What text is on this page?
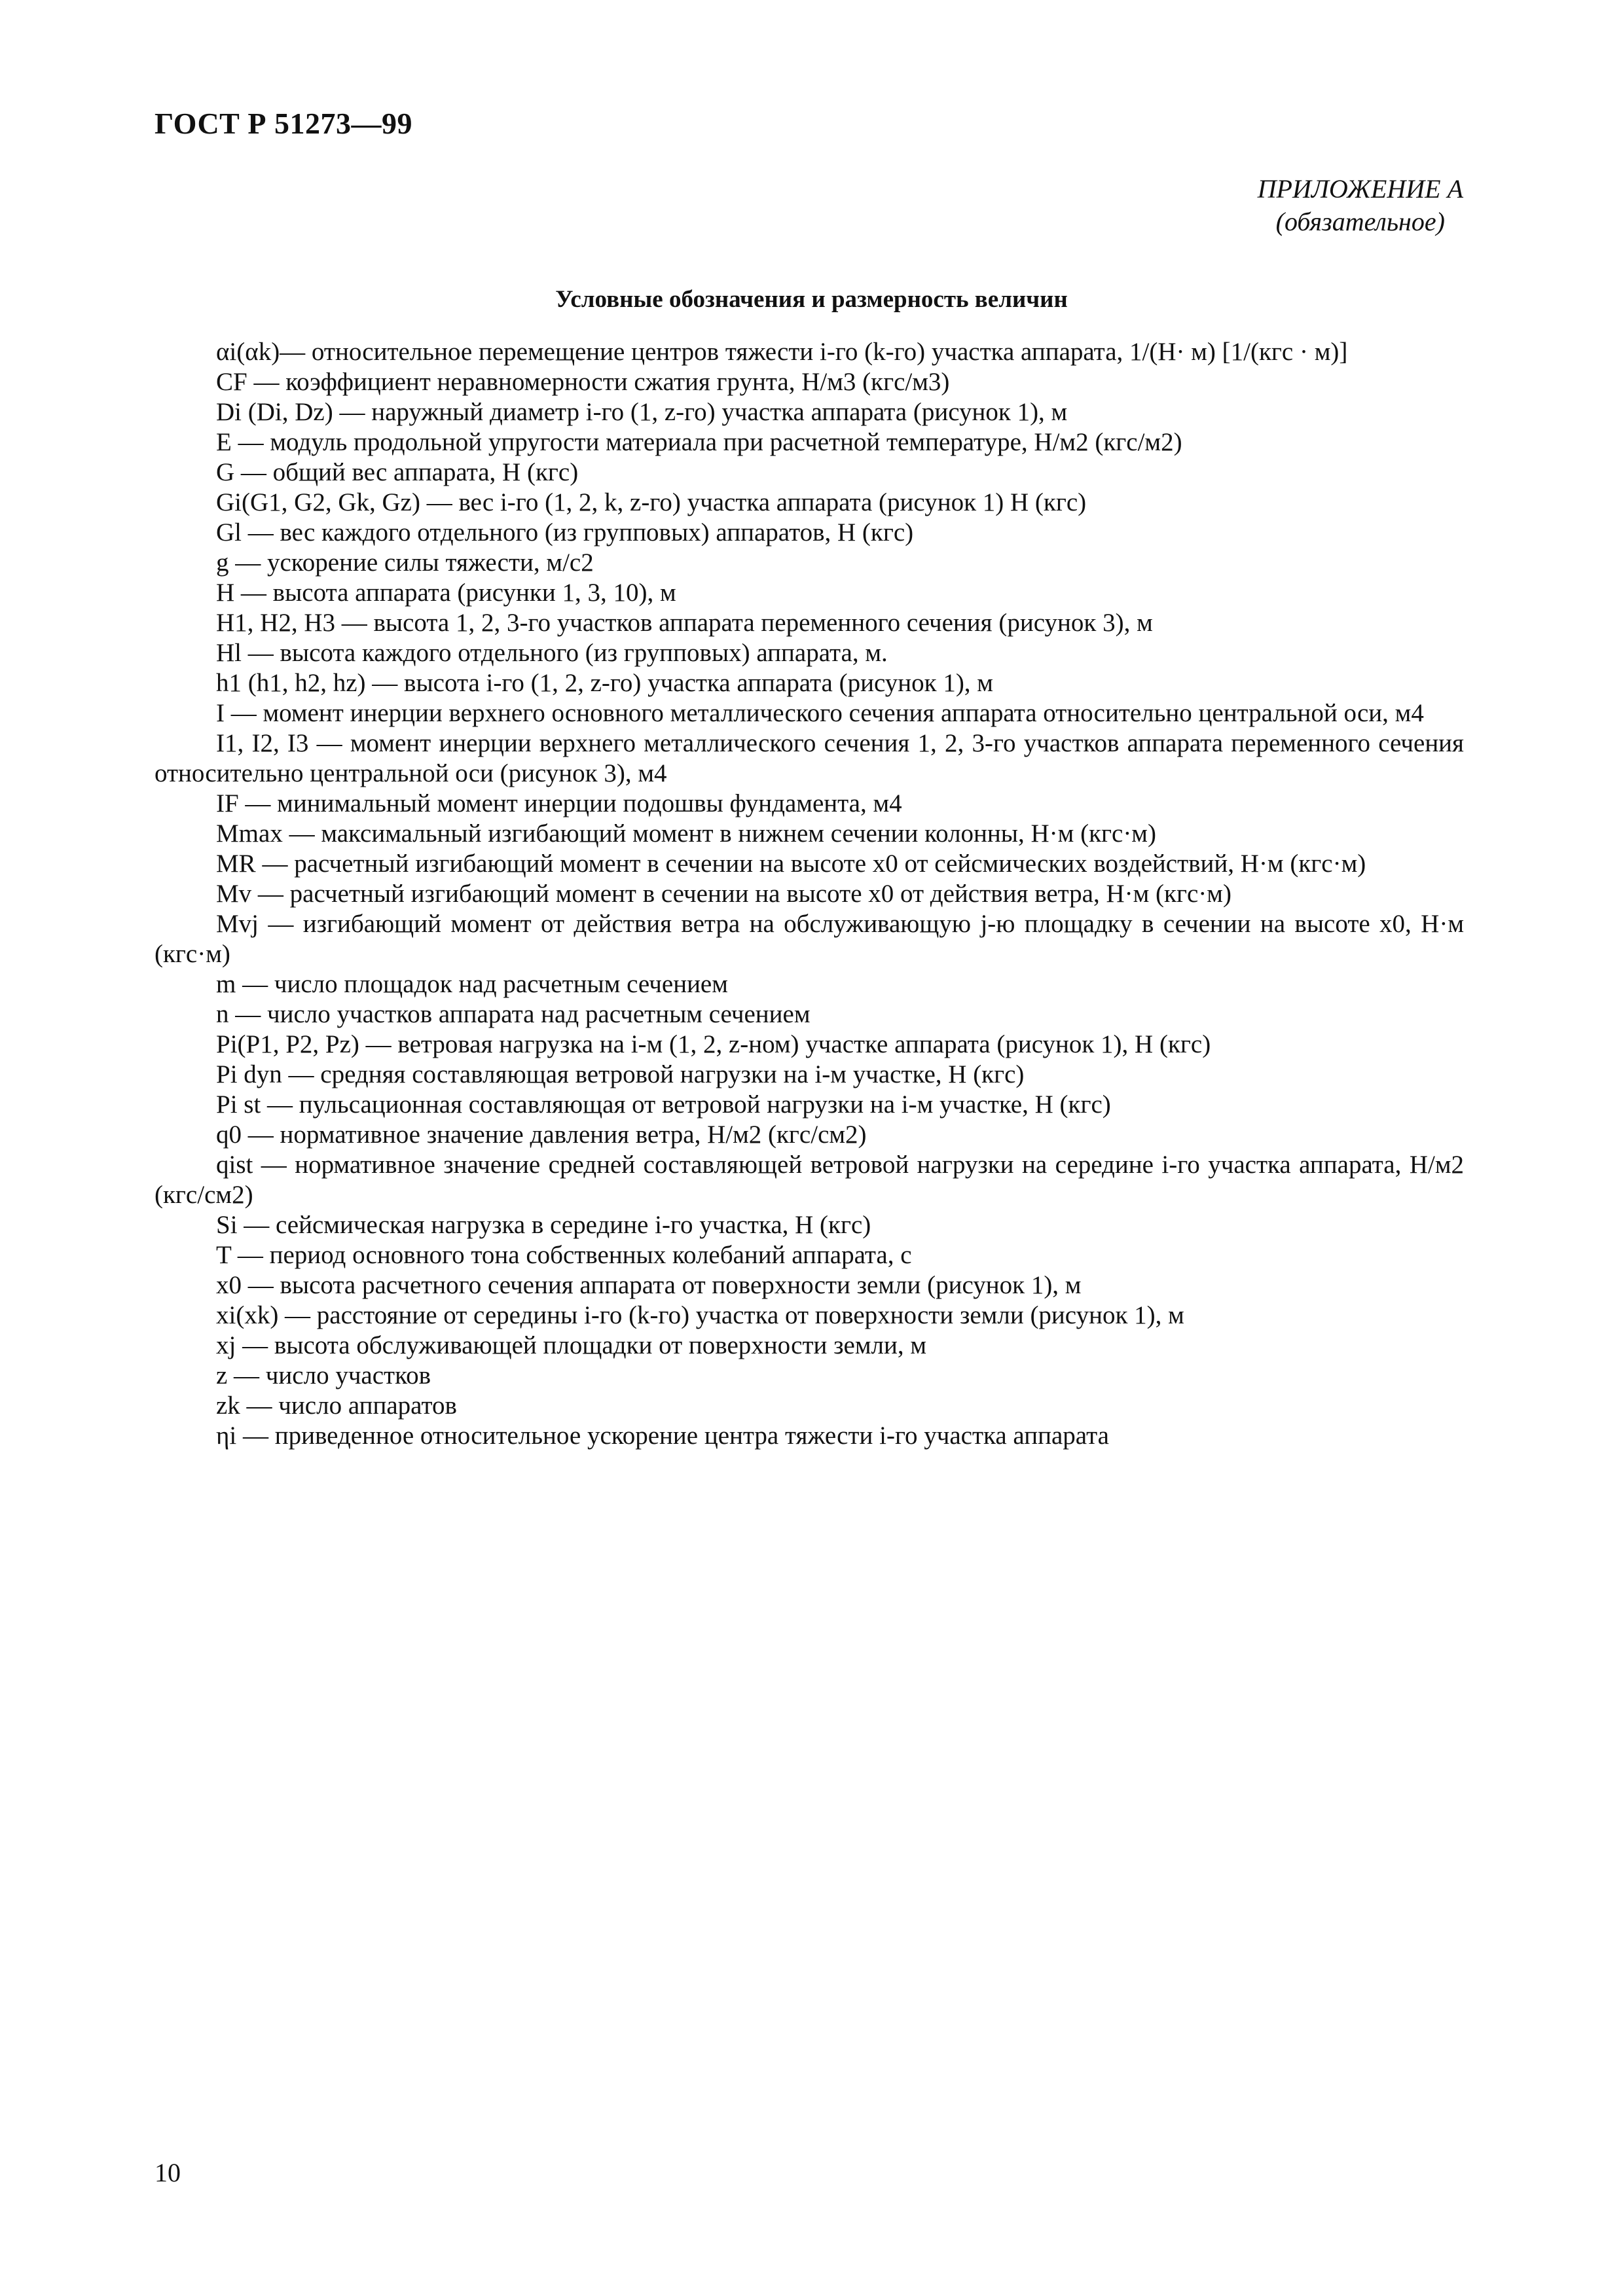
ГОСТ Р 51273—99
ПРИЛОЖЕНИЕ А
(обязательное)
Условные обозначения и размерность величин

αi(αk)— относительное перемещение центров тяжести i-го (k-го) участка аппарата, 1/(Н· м) [1/(кгс · м)]

CF — коэффициент неравномерности сжатия грунта, Н/м3 (кгс/м3)

Di (Di, Dz) — наружный диаметр i-го (1, z-го) участка аппарата (рисунок 1), м

E — модуль продольной упругости материала при расчетной температуре, Н/м2 (кгс/м2)

G — общий вес аппарата, Н (кгс)

Gi(G1, G2, Gk, Gz) — вес i-го (1, 2, k, z-го) участка аппарата (рисунок 1) Н (кгс)

Gl — вес каждого отдельного (из групповых) аппаратов, Н (кгс)

g — ускорение силы тяжести, м/с2

H — высота аппарата (рисунки 1, 3, 10), м

H1, H2, H3 — высота 1, 2, 3-го участков аппарата переменного сечения (рисунок 3), м

Hl — высота каждого отдельного (из групповых) аппарата, м.

h1 (h1, h2, hz) — высота i-го (1, 2, z-го) участка аппарата (рисунок 1), м

I — момент инерции верхнего основного металлического сечения аппарата относительно центральной оси, м4

I1, I2, I3 — момент инерции верхнего металлического сечения 1, 2, 3-го участков аппарата переменного сечения относительно центральной оси (рисунок 3), м4

IF — минимальный момент инерции подошвы фундамента, м4

Mmax — максимальный изгибающий момент в нижнем сечении колонны, Н·м (кгс·м)

MR — расчетный изгибающий момент в сечении на высоте x0 от сейсмических воздействий, Н·м (кгс·м)

Mv — расчетный изгибающий момент в сечении на высоте x0 от действия ветра, Н·м (кгс·м)

Mvj — изгибающий момент от действия ветра на обслуживающую j-ю площадку в сечении на высоте x0, Н·м (кгс·м)

m — число площадок над расчетным сечением

n — число участков аппарата над расчетным сечением

Pi(P1, P2, Pz) — ветровая нагрузка на i-м (1, 2, z-ном) участке аппарата (рисунок 1), Н (кгс)

Pi dyn — средняя составляющая ветровой нагрузки на i-м участке, Н (кгс)

Pi st — пульсационная составляющая от ветровой нагрузки на i-м участке, Н (кгс)

q0 — нормативное значение давления ветра, Н/м2 (кгс/см2)

qist — нормативное значение средней составляющей ветровой нагрузки на середине i-го участка аппарата, Н/м2 (кгс/см2)

Si — сейсмическая нагрузка в середине i-го участка, Н (кгс)

T — период основного тона собственных колебаний аппарата, с

x0 — высота расчетного сечения аппарата от поверхности земли (рисунок 1), м

xi(xk) — расстояние от середины i-го (k-го) участка от поверхности земли (рисунок 1), м

xj — высота обслуживающей площадки от поверхности земли, м

z — число участков

zk — число аппаратов

ηi — приведенное относительное ускорение центра тяжести i-го участка аппарата

10
